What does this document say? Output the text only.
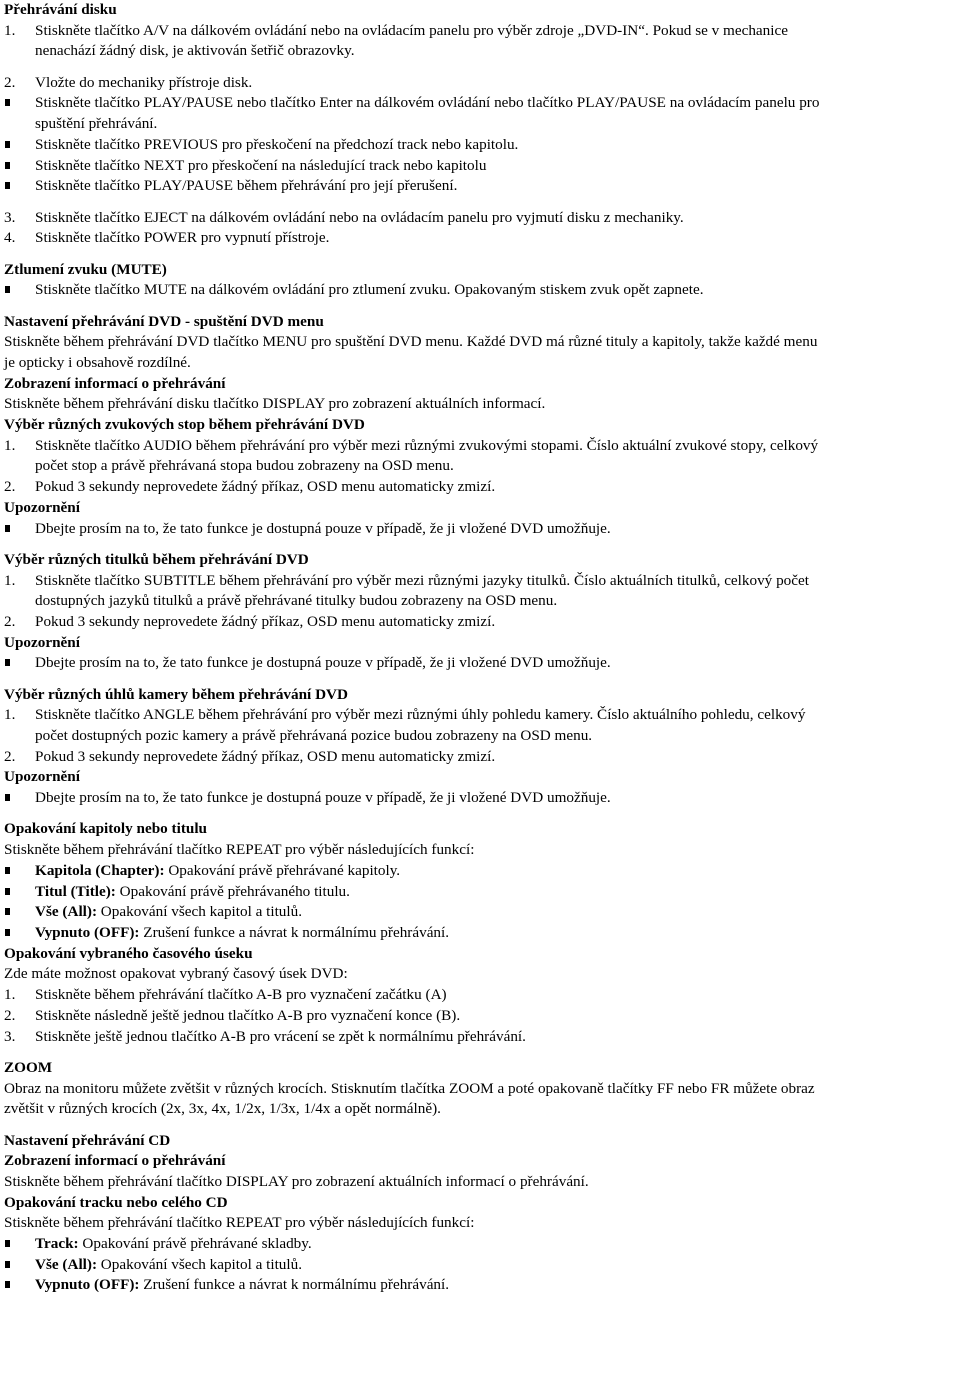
Přehrávání disku
1.	Stiskněte tlačítko A/V na dálkovém ovládání nebo na ovládacím panelu pro výběr zdroje „DVD-IN“. Pokud se v mechanice
nenachází žádný disk, je aktivován šetřič obrazovky.
2.	Vložte do mechaniky přístroje disk.
Stiskněte tlačítko PLAY/PAUSE nebo tlačítko Enter na dálkovém ovládání nebo tlačítko PLAY/PAUSE na ovládacím panelu pro
spuštění přehrávání.
Stiskněte tlačítko PREVIOUS pro přeskočení na předchozí track nebo kapitolu.
Stiskněte tlačítko NEXT pro přeskočení na následující track nebo kapitolu
Stiskněte tlačítko PLAY/PAUSE během přehrávání pro její přerušení.
3.	Stiskněte tlačítko EJECT na dálkovém ovládání nebo na ovládacím panelu pro vyjmutí disku z mechaniky.
4.	Stiskněte tlačítko POWER pro vypnutí přístroje.
Ztlumení zvuku (MUTE)
Stiskněte tlačítko MUTE na dálkovém ovládání pro ztlumení zvuku. Opakovaným stiskem zvuk opět zapnete.
Nastavení přehrávání DVD - spuštění DVD menu
Stiskněte během přehrávání DVD tlačítko MENU pro spuštění DVD menu. Každé DVD má různé tituly a kapitoly, takže každé menu
je opticky i obsahově rozdílné.
Zobrazení informací o přehrávání
Stiskněte během přehrávání disku tlačítko DISPLAY pro zobrazení aktuálních informací.
Výběr různých zvukových stop během přehrávání DVD
1.	Stiskněte tlačítko AUDIO během přehrávání pro výběr mezi různými zvukovými stopami. Číslo aktuální zvukové stopy, celkový
počet stop a právě přehrávaná stopa budou zobrazeny na OSD menu.
2.	Pokud 3 sekundy neprovedete žádný příkaz, OSD menu automaticky zmizí.
Upozornění
Dbejte prosím na to, že tato funkce je dostupná pouze v případě, že ji vložené DVD umožňuje.
Výběr různých titulků během přehrávání DVD
1.	Stiskněte tlačítko SUBTITLE během přehrávání pro výběr mezi různými jazyky titulků. Číslo aktuálních titulků, celkový počet
dostupných jazyků titulků a právě přehrávané titulky budou zobrazeny na OSD menu.
2.	Pokud 3 sekundy neprovedete žádný příkaz, OSD menu automaticky zmizí.
Upozornění
Dbejte prosím na to, že tato funkce je dostupná pouze v případě, že ji vložené DVD umožňuje.
Výběr různých úhlů kamery během přehrávání DVD
1.	Stiskněte tlačítko ANGLE během přehrávání pro výběr mezi různými úhly pohledu kamery. Číslo aktuálního pohledu, celkový
počet dostupných pozic kamery a právě přehrávaná pozice budou zobrazeny na OSD menu.
2.	Pokud 3 sekundy neprovedete žádný příkaz, OSD menu automaticky zmizí.
Upozornění
Dbejte prosím na to, že tato funkce je dostupná pouze v případě, že ji vložené DVD umožňuje.
Opakování kapitoly nebo titulu
Stiskněte během přehrávání tlačítko REPEAT pro výběr následujících funkcí:
Kapitola (Chapter): Opakování právě přehrávané kapitoly.
Titul (Title): Opakování právě přehrávaného titulu.
Vše (All): Opakování všech kapitol a titulů.
Vypnuto (OFF): Zrušení funkce a návrat k normálnímu přehrávání.
Opakování vybraného časového úseku
Zde máte možnost opakovat vybraný časový úsek DVD:
1.	Stiskněte během přehrávání tlačítko A-B pro vyznačení začátku (A)
2.	Stiskněte následně ještě jednou tlačítko A-B pro vyznačení konce (B).
3.	Stiskněte ještě jednou tlačítko A-B pro vrácení se zpět k normálnímu přehrávání.
ZOOM
Obraz na monitoru můžete zvětšit v různých krocích. Stisknutím tlačítka ZOOM a poté opakovaně tlačítky FF nebo FR můžete obraz
zvětšit v různých krocích (2x, 3x, 4x, 1/2x, 1/3x, 1/4x a opět normálně).
Nastavení přehrávání CD
Zobrazení informací o přehrávání
Stiskněte během přehrávání tlačítko DISPLAY pro zobrazení aktuálních informací o přehrávání.
Opakování tracku nebo celého CD
Stiskněte během přehrávání tlačítko REPEAT pro výběr následujících funkcí:
Track: Opakování právě přehrávané skladby.
Vše (All): Opakování všech kapitol a titulů.
Vypnuto (OFF): Zrušení funkce a návrat k normálnímu přehrávání.
